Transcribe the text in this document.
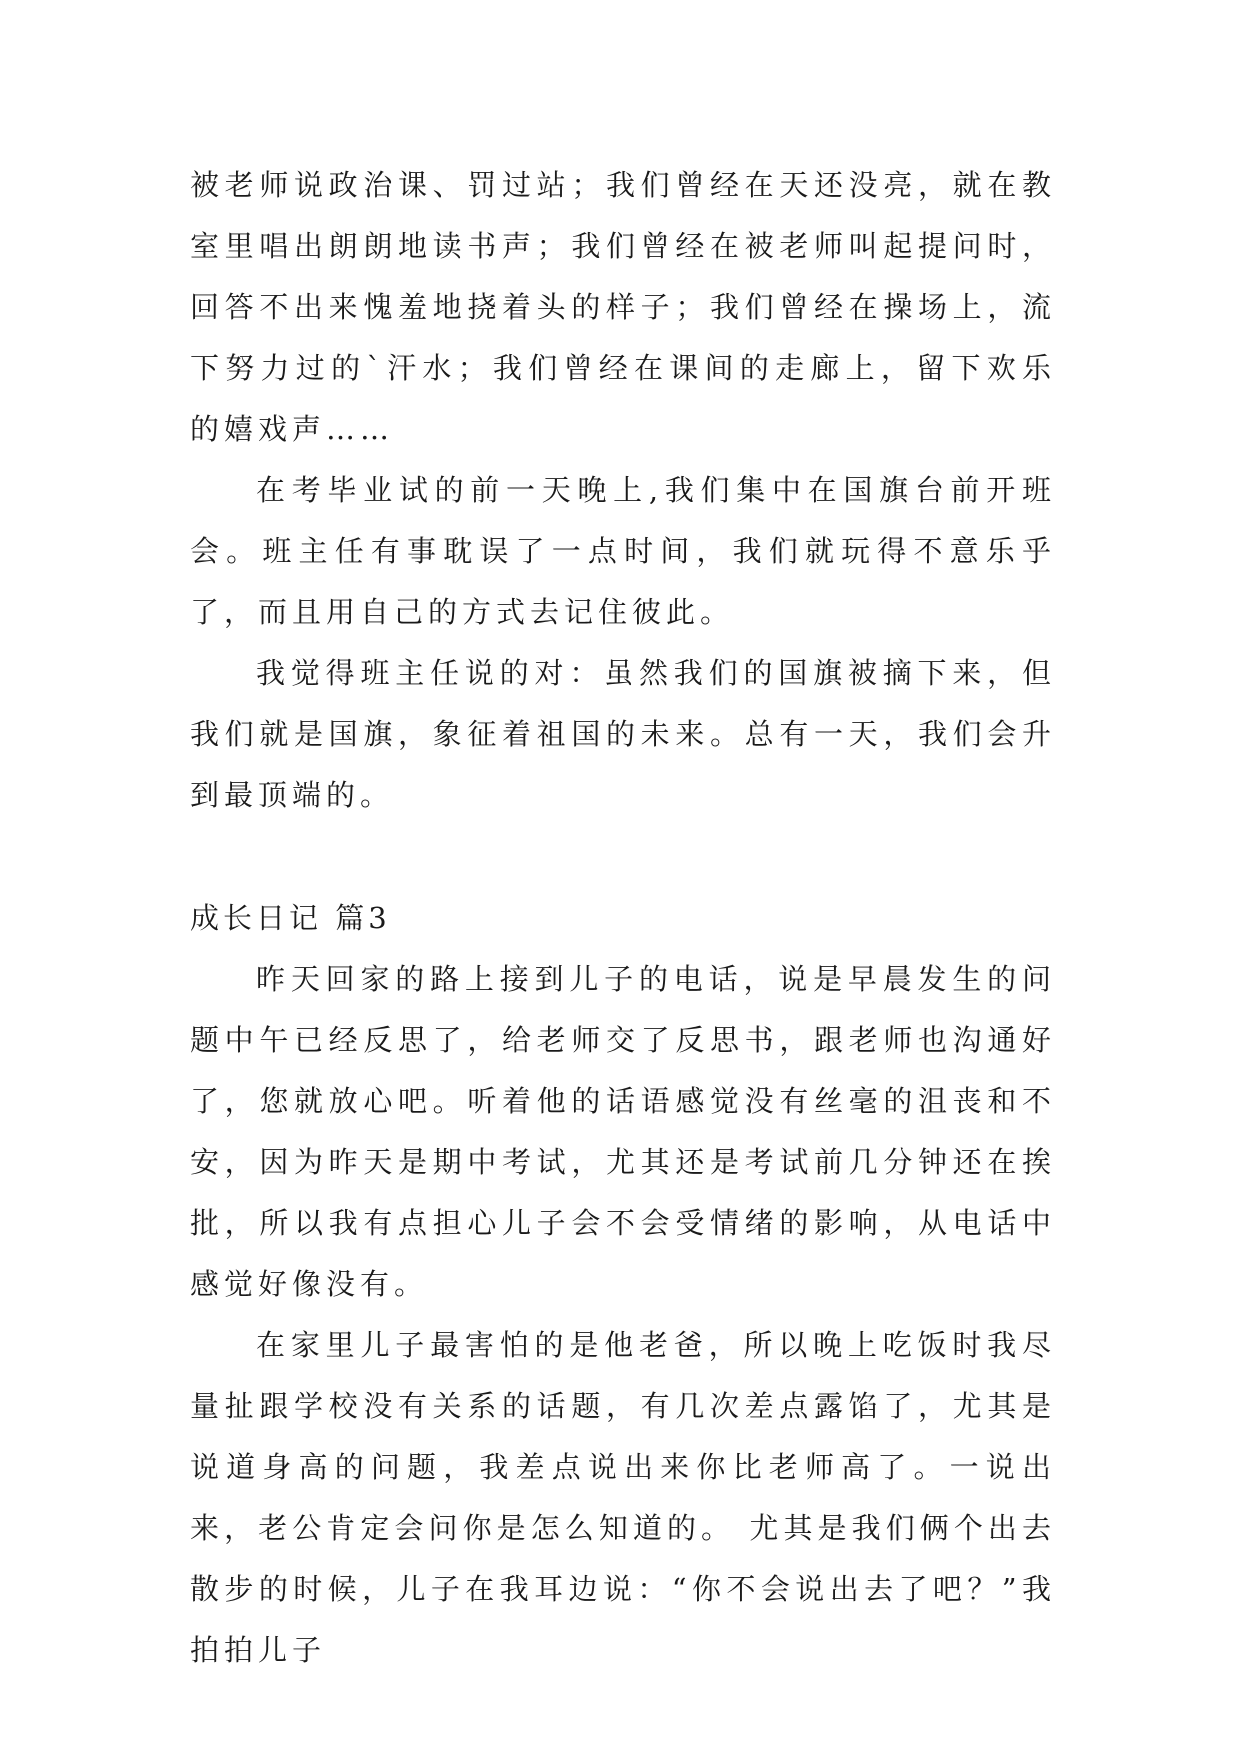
被老师说政治课、罚过站；我们曾经在天还没亮，就在教室里唱出朗朗地读书声；我们曾经在被老师叫起提问时，回答不出来愧羞地挠着头的样子；我们曾经在操场上，流下努力过的`汗水；我们曾经在课间的走廊上，留下欢乐的嬉戏声……

在考毕业试的前一天晚上,我们集中在国旗台前开班会。班主任有事耽误了一点时间，我们就玩得不意乐乎了，而且用自己的方式去记住彼此。

我觉得班主任说的对：虽然我们的国旗被摘下来，但我们就是国旗，象征着祖国的未来。总有一天，我们会升到最顶端的。

成长日记 篇3

昨天回家的路上接到儿子的电话，说是早晨发生的问题中午已经反思了，给老师交了反思书，跟老师也沟通好了，您就放心吧。听着他的话语感觉没有丝毫的沮丧和不安，因为昨天是期中考试，尤其还是考试前几分钟还在挨批，所以我有点担心儿子会不会受情绪的影响，从电话中感觉好像没有。

在家里儿子最害怕的是他老爸，所以晚上吃饭时我尽量扯跟学校没有关系的话题，有几次差点露馅了，尤其是说道身高的问题，我差点说出来你比老师高了。一说出来，老公肯定会问你是怎么知道的。 尤其是我们俩个出去散步的时候，儿子在我耳边说：“你不会说出去了吧？”我拍拍儿子
